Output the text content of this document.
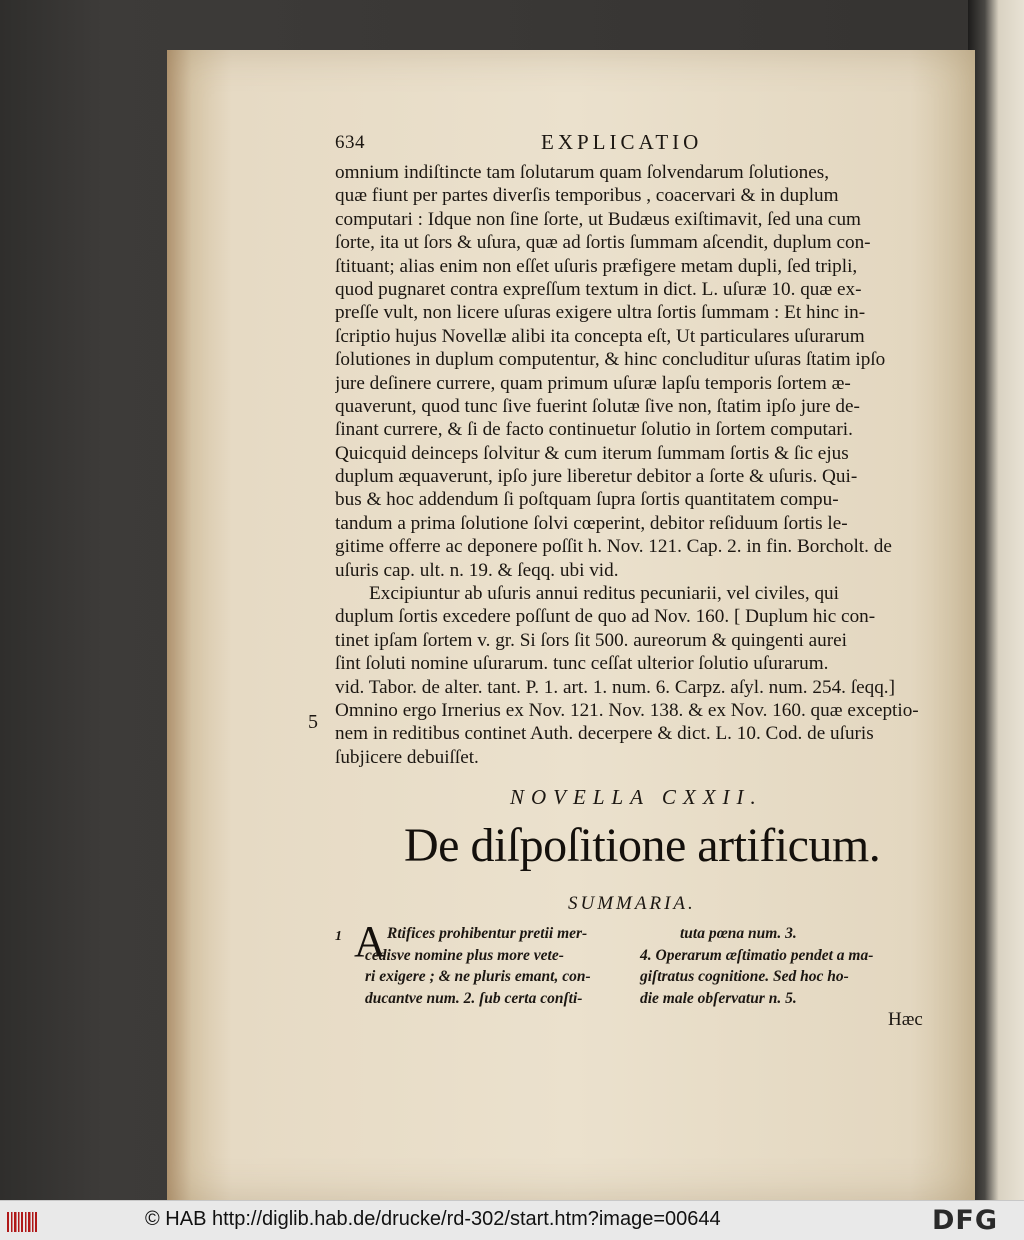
634	EXPLICATIO
omnium indiſtincte tam ſolutarum quam ſolvendarum ſolutiones,
quæ fiunt per partes diverſis temporibus , coacervari & in duplum
computari : Idque non ſine ſorte, ut Budæus exiſtimavit, ſed una cum
ſorte, ita ut ſors & uſura, quæ ad ſortis ſummam aſcendit, duplum con-
ſtituant; alias enim non eſſet uſuris præfigere metam dupli, ſed tripli,
quod pugnaret contra expreſſum textum in dict. L. uſuræ 10. quæ ex-
preſſe vult, non licere uſuras exigere ultra ſortis ſummam : Et hinc in-
ſcriptio hujus Novellæ alibi ita concepta eſt, Ut particulares uſurarum
ſolutiones in duplum computentur, & hinc concluditur uſuras ſtatim ipſo
jure deſinere currere, quam primum uſuræ lapſu temporis ſortem æ-
quaverunt, quod tunc ſive fuerint ſolutæ ſive non, ſtatim ipſo jure de-
ſinant currere, & ſi de facto continuetur ſolutio in ſortem computari.
Quicquid deinceps ſolvitur & cum iterum ſummam ſortis & ſic ejus
duplum æquaverunt, ipſo jure liberetur debitor a ſorte & uſuris. Qui-
bus & hoc addendum ſi poſtquam ſupra ſortis quantitatem compu-
tandum a prima ſolutione ſolvi cœperint, debitor reſiduum ſortis le-
gitime offerre ac deponere poſſit h. Nov. 121. Cap. 2. in fin. Borcholt. de
uſuris cap. ult. n. 19. & ſeqq. ubi vid.
Excipiuntur ab uſuris annui reditus pecuniarii, vel civiles, qui
duplum ſortis excedere poſſunt de quo ad Nov. 160. [ Duplum hic con-
tinet ipſam ſortem v. gr. Si ſors ſit 500. aureorum & quingenti aurei
ſint ſoluti nomine uſurarum. tunc ceſſat ulterior ſolutio uſurarum.
vid. Tabor. de alter. tant. P. 1. art. 1. num. 6. Carpz. aſyl. num. 254. ſeqq.]
Omnino ergo Irnerius ex Nov. 121. Nov. 138. & ex Nov. 160. quæ exceptio-
nem in reditibus continet Auth. decerpere & dict. L. 10. Cod. de uſuris
ſubjicere debuiſſet.
5
NOVELLA CXXII.
De diſpoſitione artificum.
SUMMARIA.
1 A Rtifices prohibentur pretii mer-
cedisve nomine plus more vete-
ri exigere ; & ne pluris emant, con-
ducantve num. 2. ſub certa conſti-
tuta pœna num. 3.
4. Operarum æſtimatio pendet a ma-
giſtratus cognitione. Sed hoc ho-
die male obſervatur n. 5.
Hæc
© HAB http://diglib.hab.de/drucke/rd-302/start.htm?image=00644	DFG
